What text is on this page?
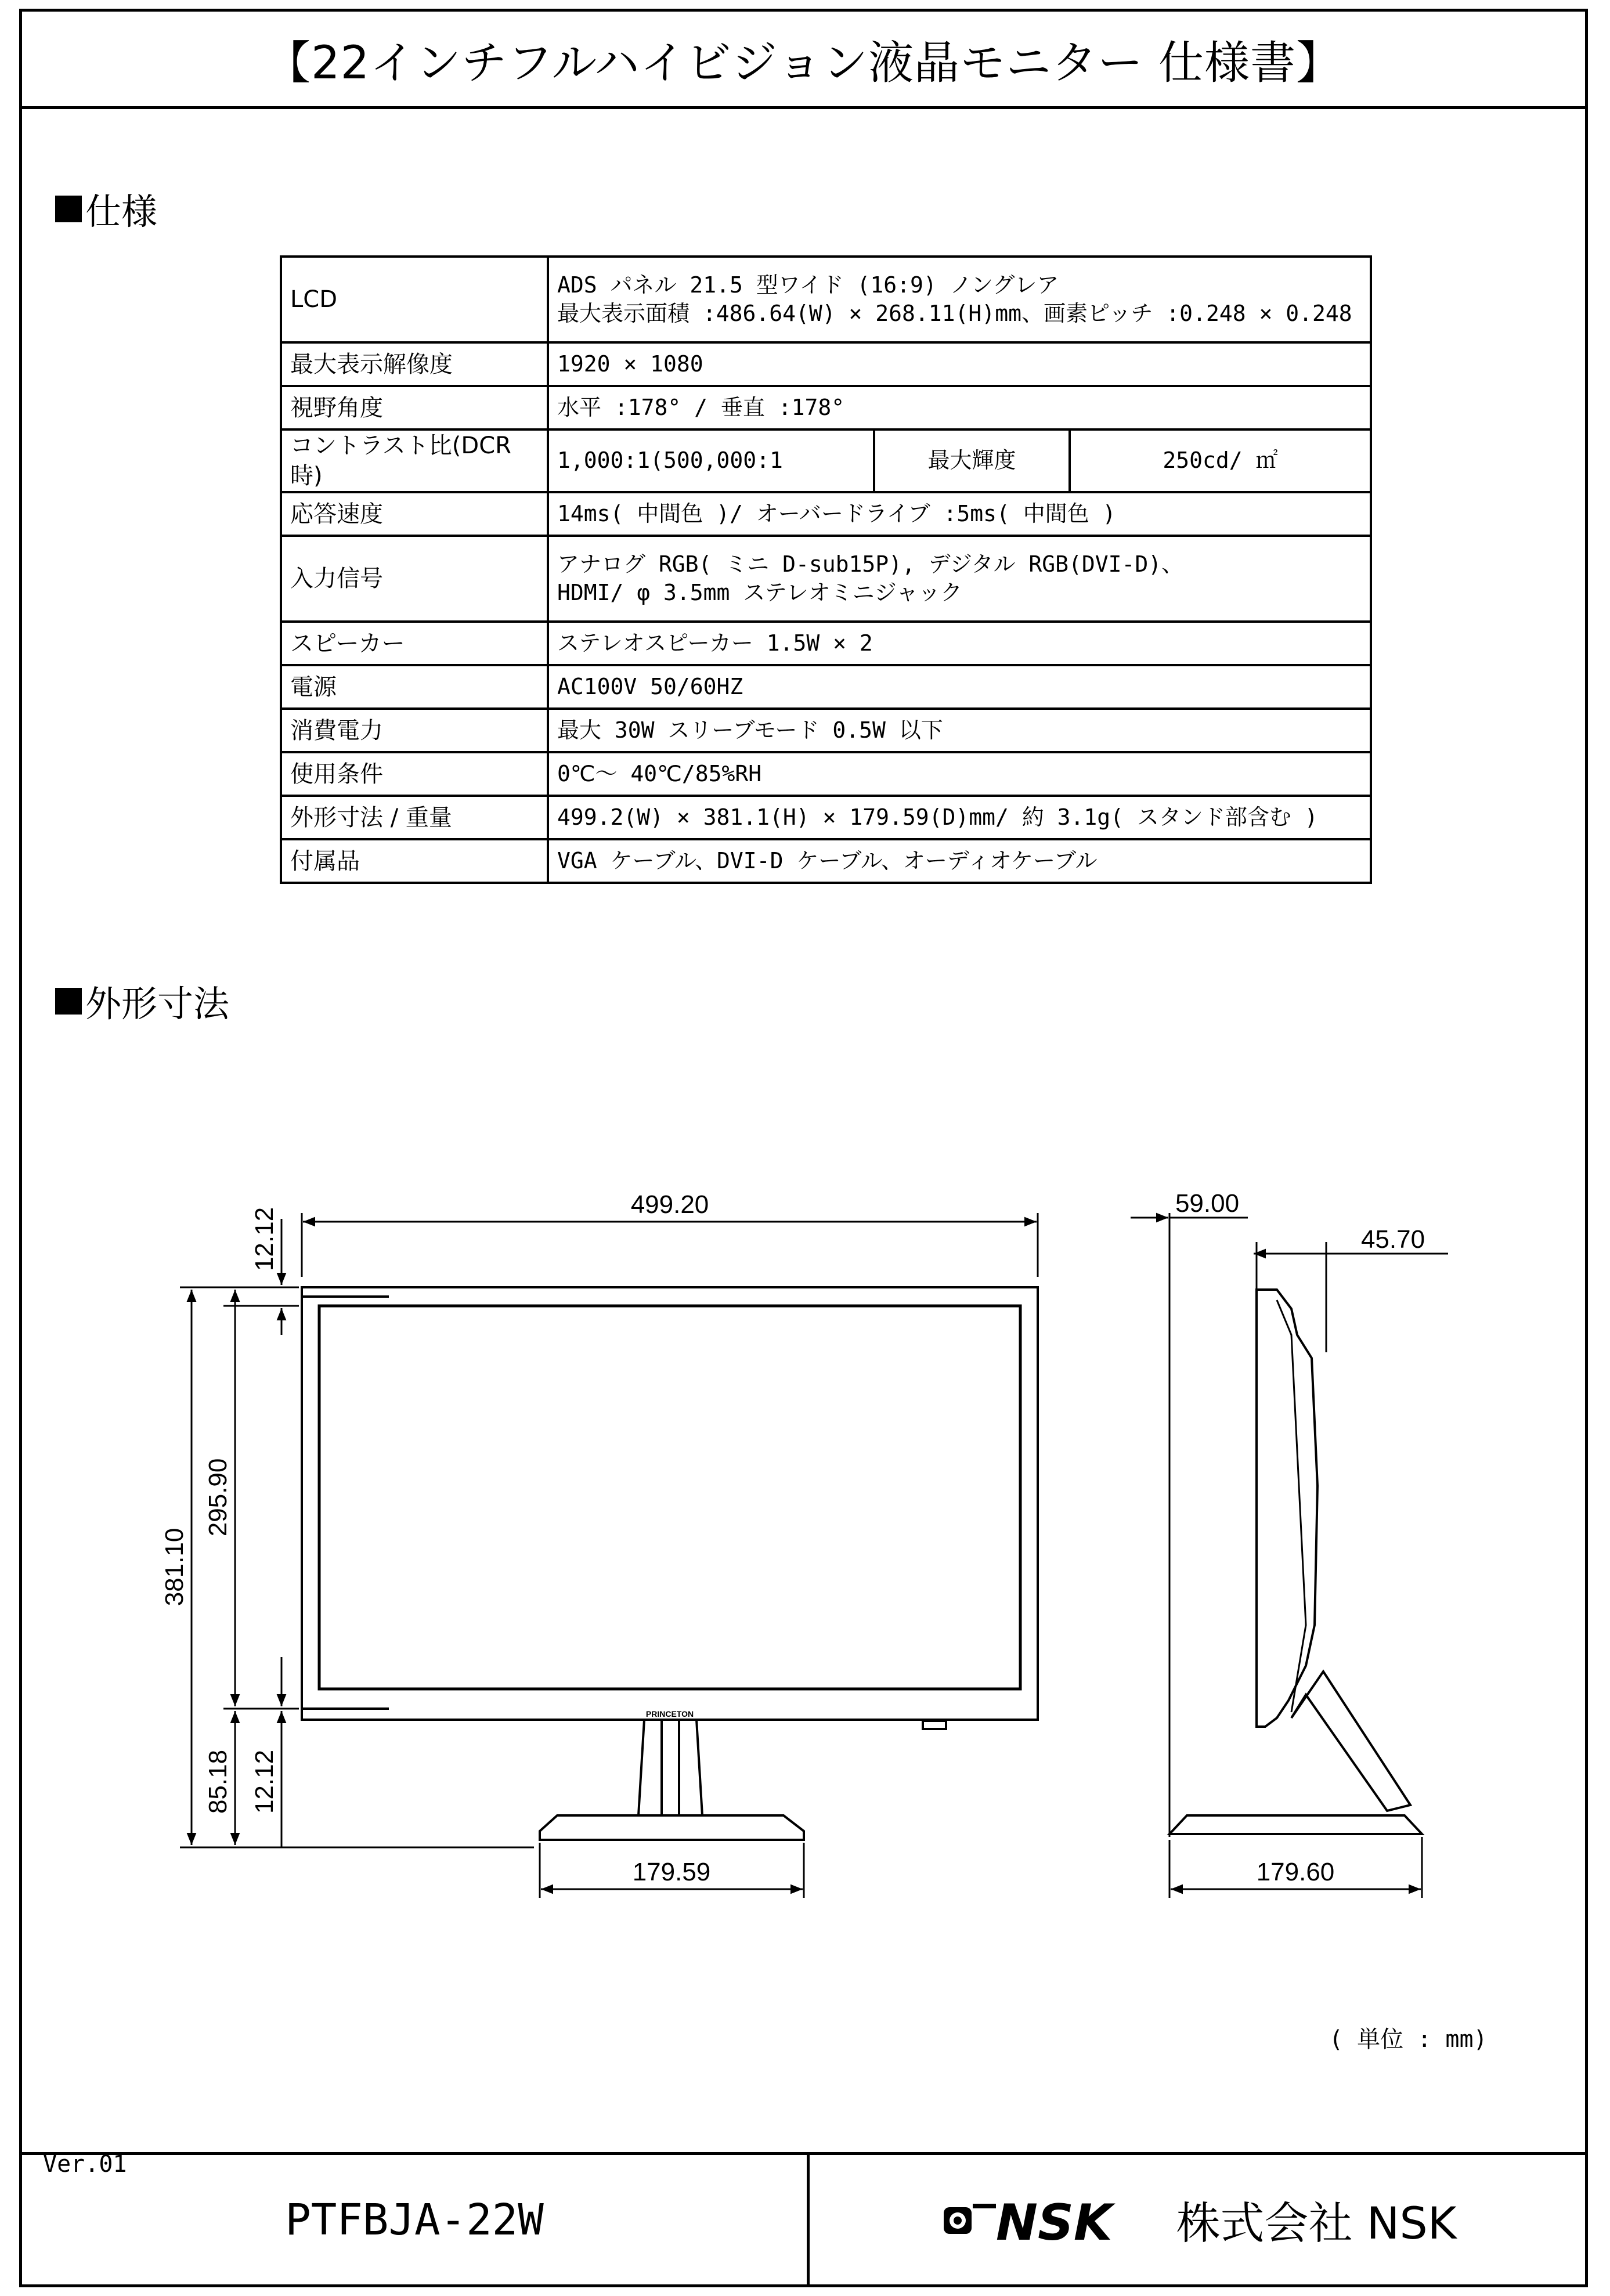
【22インチフルハイビジョン液晶モニター 仕様書】
PTFBJA-22W	NSK 株式会社 NSK
仕様
LCD	ADS パネル 21.5 型ワイド (16:9) ノングレア
最大表示面積 :486.64(W) × 268.11(H)mm、画素ピッチ :0.248 × 0.248		

最大表示解像度	1920 × 1080		
視野角度	水平 :178° / 垂直 :178°		
コントラスト比(DCR時)	1,000:1(500,000:1	最大輝度	250cd/ ㎡
応答速度	14ms( 中間色 )/ オーバードライブ :5ms( 中間色 )		
入力信号	アナログ RGB( ミニ D-sub15P), デジタル RGB(DVI-D)、
HDMI/ φ 3.5mm ステレオミニジャック		

スピーカー	ステレオスピーカー 1.5W × 2		
電源	AC100V 50/60HZ		
消費電力	最大 30W スリーブモード 0.5W 以下		
使用条件	0℃～ 40℃/85%RH		
外形寸法 / 重量	499.2(W) × 381.1(H) × 179.59(D)mm/ 約 3.1g( スタンド部含む )		
付属品	VGA ケーブル、DVI-D ケーブル、オーディオケーブル		
外形寸法
499.20
12.12
381.10
295.90
85.18 12.12
179.59
59.00
45.70
179.60
PRINCETON
( 単位 : mm)
Ver.01
